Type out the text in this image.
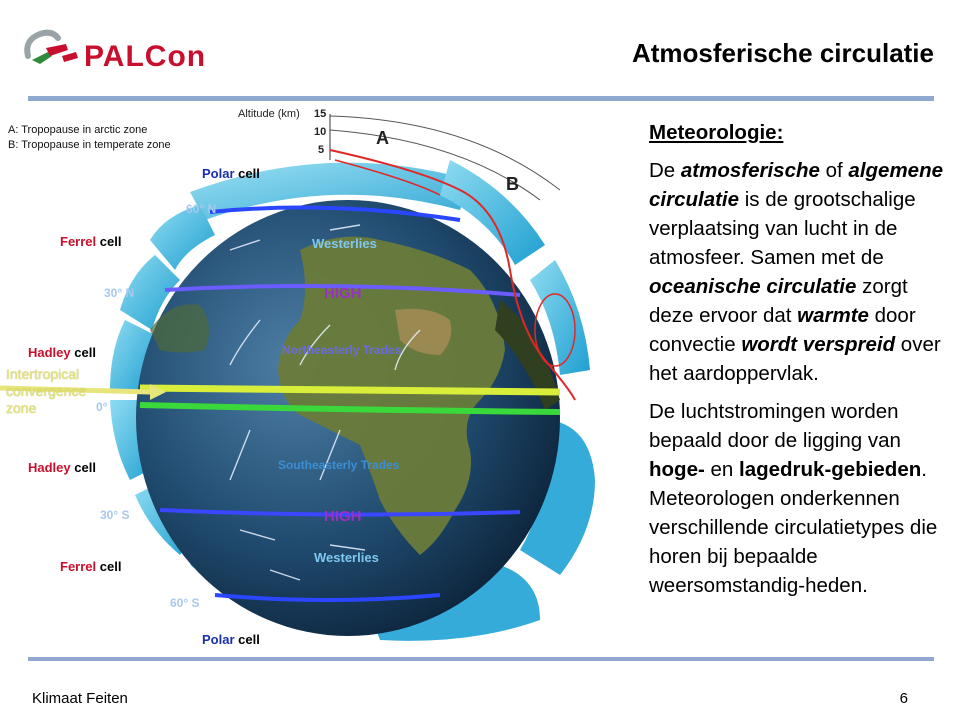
PALCon	Atmosferische circulatie
A: Tropopause in arctic zone
B: Tropopause in temperate zone
Altitude (km) 15
10
5
A
B
Intertropical
convergence
zone
Polar cell
Ferrel cell
Hadley cell
Hadley cell
Ferrel cell
Polar cell
60° N
30° N
0°
30° S
60° S
Westerlies
HIGH
Northeasterly Trades
Southeasterly Trades
HIGH
Westerlies

Meteorologie:

De atmosferische of algemene circulatie is de grootschalige verplaatsing van lucht in de atmosfeer. Samen met de oceanische circulatie zorgt deze ervoor dat warmte door convectie wordt verspreid over het aardoppervlak.

De luchtstromingen worden bepaald door de ligging van hoge- en lagedruk-gebieden. Meteorologen onderkennen verschillende circulatietypes die horen bij bepaalde weersomstandig-heden.

Klimaat Feiten	6
